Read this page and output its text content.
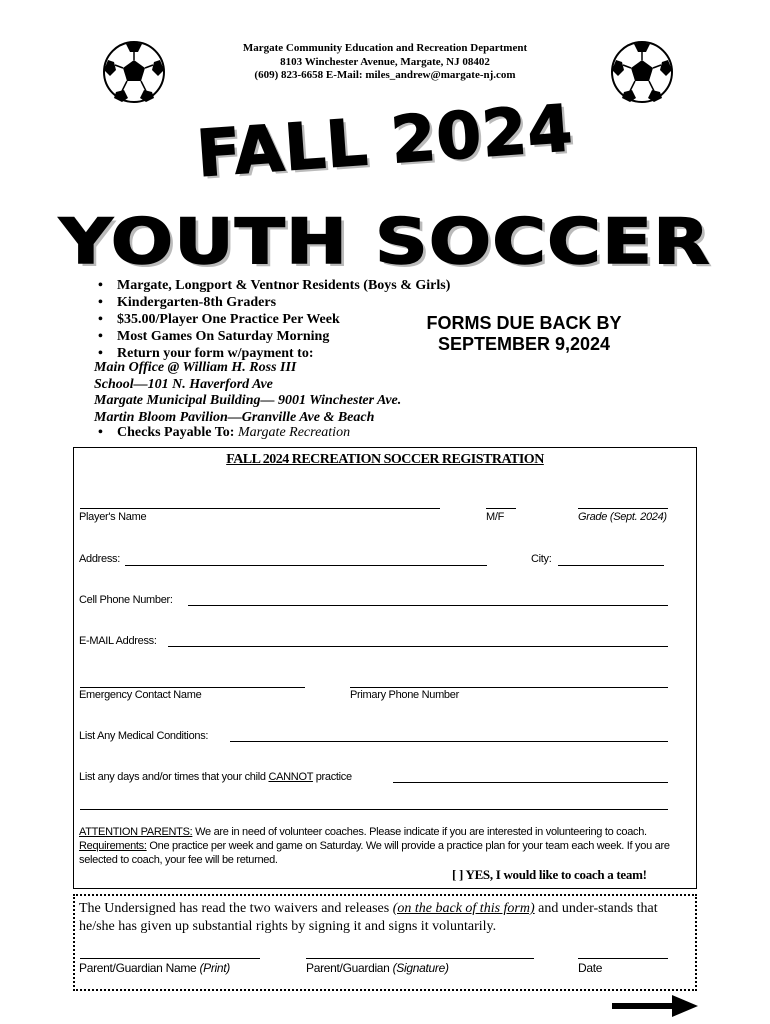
Margate Community Education and Recreation Department
8103 Winchester Avenue, Margate, NJ 08402
(609) 823-6658 E-Mail: miles_andrew@margate-nj.com
FALL 2024
YOUTH SOCCER
• Margate, Longport & Ventnor Residents (Boys & Girls)
• Kindergarten-8th Graders
• $35.00/Player One Practice Per Week
• Most Games On Saturday Morning
• Return your form w/payment to:
Main Office @ William H. Ross III
School—101 N. Haverford Ave
Margate Municipal Building— 9001 Winchester Ave.
Martin Bloom Pavilion—Granville Ave & Beach
• Checks Payable To: Margate Recreation
FORMS DUE BACK BY
SEPTEMBER 9,2024
FALL 2024 RECREATION SOCCER REGISTRATION
Player's Name	M/F	Grade (Sept. 2024)
Address:	City:
Cell Phone Number:
E-MAIL Address:
Emergency Contact Name	Primary Phone Number
List Any Medical Conditions:
List any days and/or times that your child CANNOT practice
ATTENTION PARENTS: We are in need of volunteer coaches. Please indicate if you are interested in volunteering to coach. Requirements: One practice per week and game on Saturday. We will provide a practice plan for your team each week. If you are selected to coach, your fee will be returned.
[ ] YES, I would like to coach a team!
The Undersigned has read the two waivers and releases (on the back of this form) and under-stands that he/she has given up substantial rights by signing it and signs it voluntarily.
Parent/Guardian Name (Print)	Parent/Guardian (Signature)	Date
